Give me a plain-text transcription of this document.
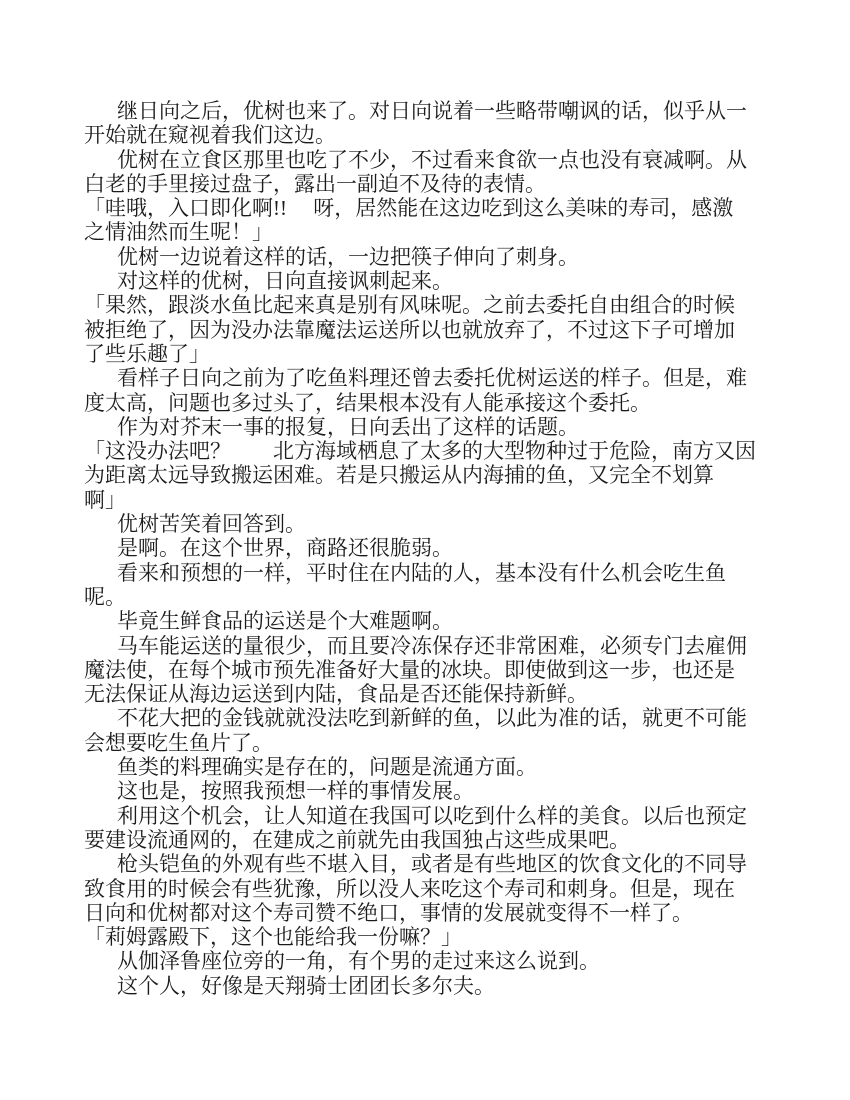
继日向之后，优树也来了。对日向说着一些略带嘲讽的话，似乎从一
开始就在窥视着我们这边。
优树在立食区那里也吃了不少，不过看来食欲一点也没有衰减啊。从
白老的手里接过盘子，露出一副迫不及待的表情。
「哇哦，入口即化啊!!　 呀，居然能在这边吃到这么美味的寿司，感激
之情油然而生呢！」
优树一边说着这样的话，一边把筷子伸向了刺身。
对这样的优树，日向直接讽刺起来。
「果然，跟淡水鱼比起来真是别有风味呢。之前去委托自由组合的时候
被拒绝了，因为没办法靠魔法运送所以也就放弃了，不过这下子可增加
了些乐趣了」
看样子日向之前为了吃鱼料理还曾去委托优树运送的样子。但是，难
度太高，问题也多过头了，结果根本没有人能承接这个委托。
作为对芥末一事的报复，日向丢出了这样的话题。
「这没办法吧？　　北方海域栖息了太多的大型物种过于危险，南方又因
为距离太远导致搬运困难。若是只搬运从内海捕的鱼，又完全不划算
啊」
优树苦笑着回答到。
是啊。在这个世界，商路还很脆弱。
看来和预想的一样，平时住在内陆的人，基本没有什么机会吃生鱼
呢。
毕竟生鲜食品的运送是个大难题啊。
马车能运送的量很少，而且要冷冻保存还非常困难，必须专门去雇佣
魔法使，在每个城市预先准备好大量的冰块。即使做到这一步，也还是
无法保证从海边运送到内陆，食品是否还能保持新鲜。
不花大把的金钱就就没法吃到新鲜的鱼，以此为准的话，就更不可能
会想要吃生鱼片了。
鱼类的料理确实是存在的，问题是流通方面。
这也是，按照我预想一样的事情发展。
利用这个机会，让人知道在我国可以吃到什么样的美食。以后也预定
要建设流通网的，在建成之前就先由我国独占这些成果吧。
枪头铠鱼的外观有些不堪入目，或者是有些地区的饮食文化的不同导
致食用的时候会有些犹豫，所以没人来吃这个寿司和刺身。但是，现在
日向和优树都对这个寿司赞不绝口，事情的发展就变得不一样了。
「莉姆露殿下，这个也能给我一份嘛？」
从伽泽鲁座位旁的一角，有个男的走过来这么说到。
这个人，好像是天翔骑士团团长多尔夫。
